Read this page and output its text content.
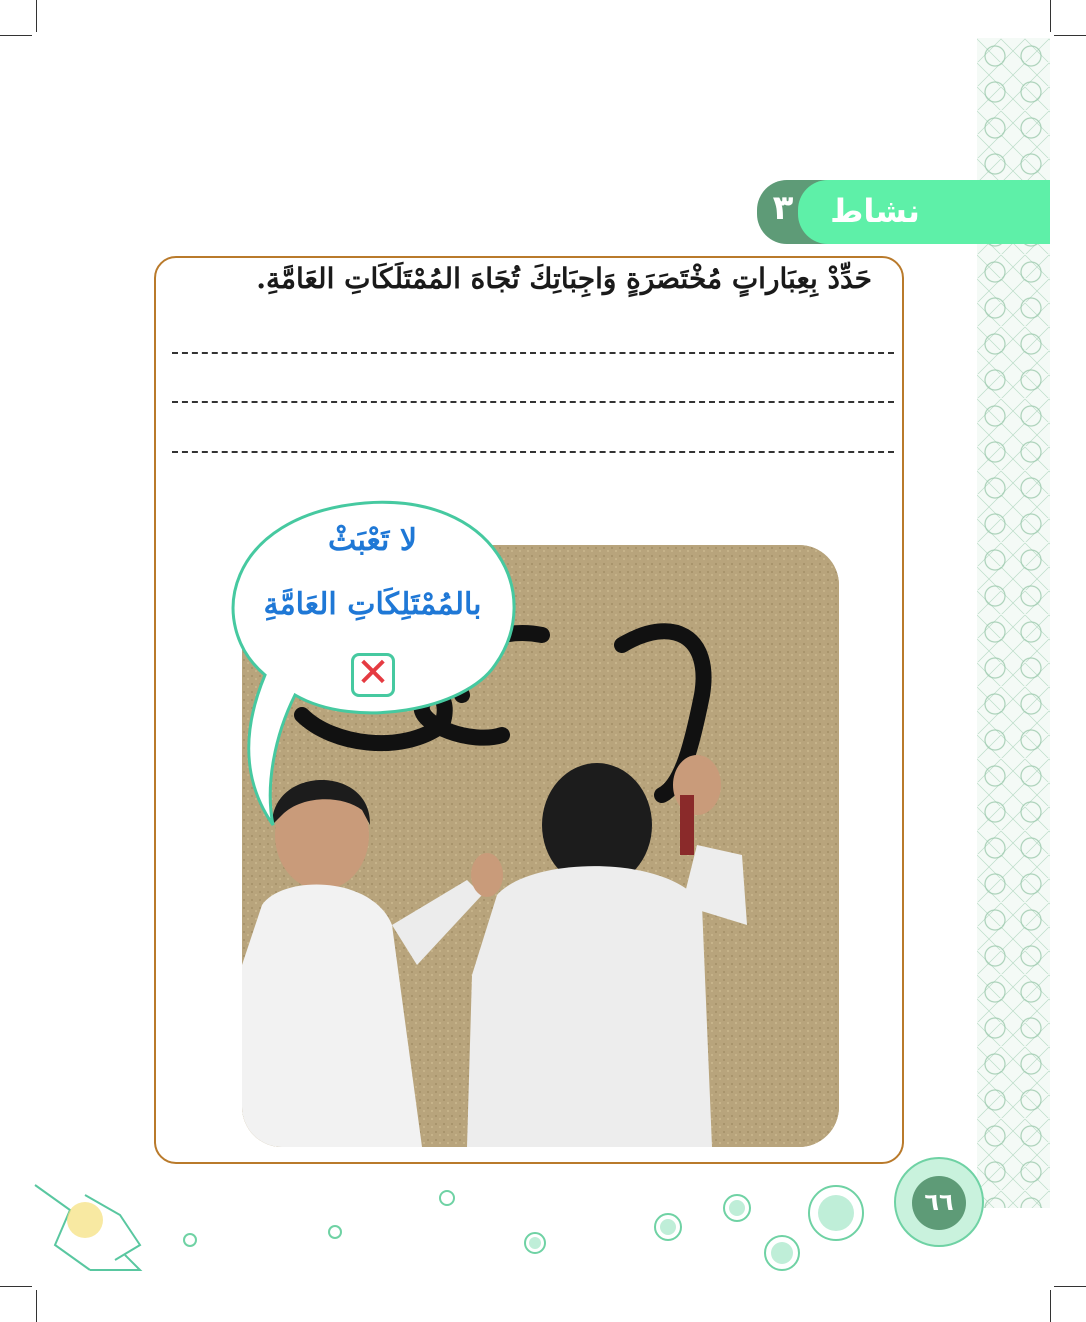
٣	نشاط
حَدِّدْ بِعِبَاراتٍ مُخْتَصَرَةٍ وَاجِبَاتِكَ تُجَاهَ المُمْتَلَكَاتِ العَامَّةِ.
لا تَعْبَثْ
بالمُمْتَلِكَاتِ العَامَّةِ
✕
٦٦
